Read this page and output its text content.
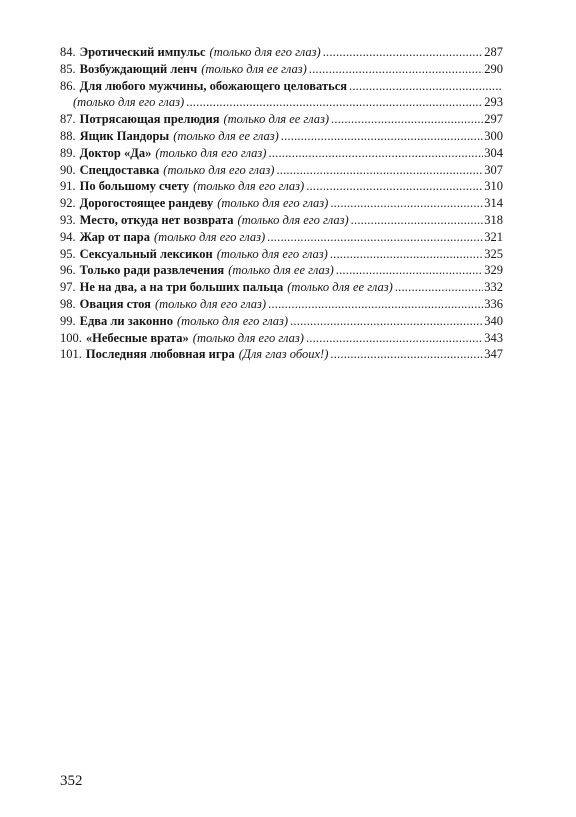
84. Эротический импульс (только для его глаз) .....	287
85. Возбуждающий ленч (только для ее глаз) .....	290
86. Для любого мужчины, обожающего целоваться
.....
(только для его глаз) .....	293
87. Потрясающая прелюдия (только для ее глаз) .....	297
88. Ящик Пандоры (только для ее глаз) .....	300
89. Доктор «Да» (только для его глаз) .....	304
90. Спецдоставка (только для его глаз) .....	307
91. По большому счету (только для его глаз) .....	310
92. Дорогостоящее рандеву (только для его глаз) .....	314
93. Место, откуда нет возврата (только для его глаз) .....	318
94. Жар от пара (только для его глаз) .....	321
95. Сексуальный лексикон (только для его глаз) .....	325
96. Только ради развлечения (только для ее глаз) .....	329
97. Не на два, а на три больших пальца (только для ее глаз) .....	332
98. Овация стоя (только для его глаз) .....	336
99. Едва ли законно (только для его глаз) .....	340
100. «Небесные врата» (только для его глаз) .....	343
101. Последняя любовная игра (Для глаз обоих!) .....	347
352
